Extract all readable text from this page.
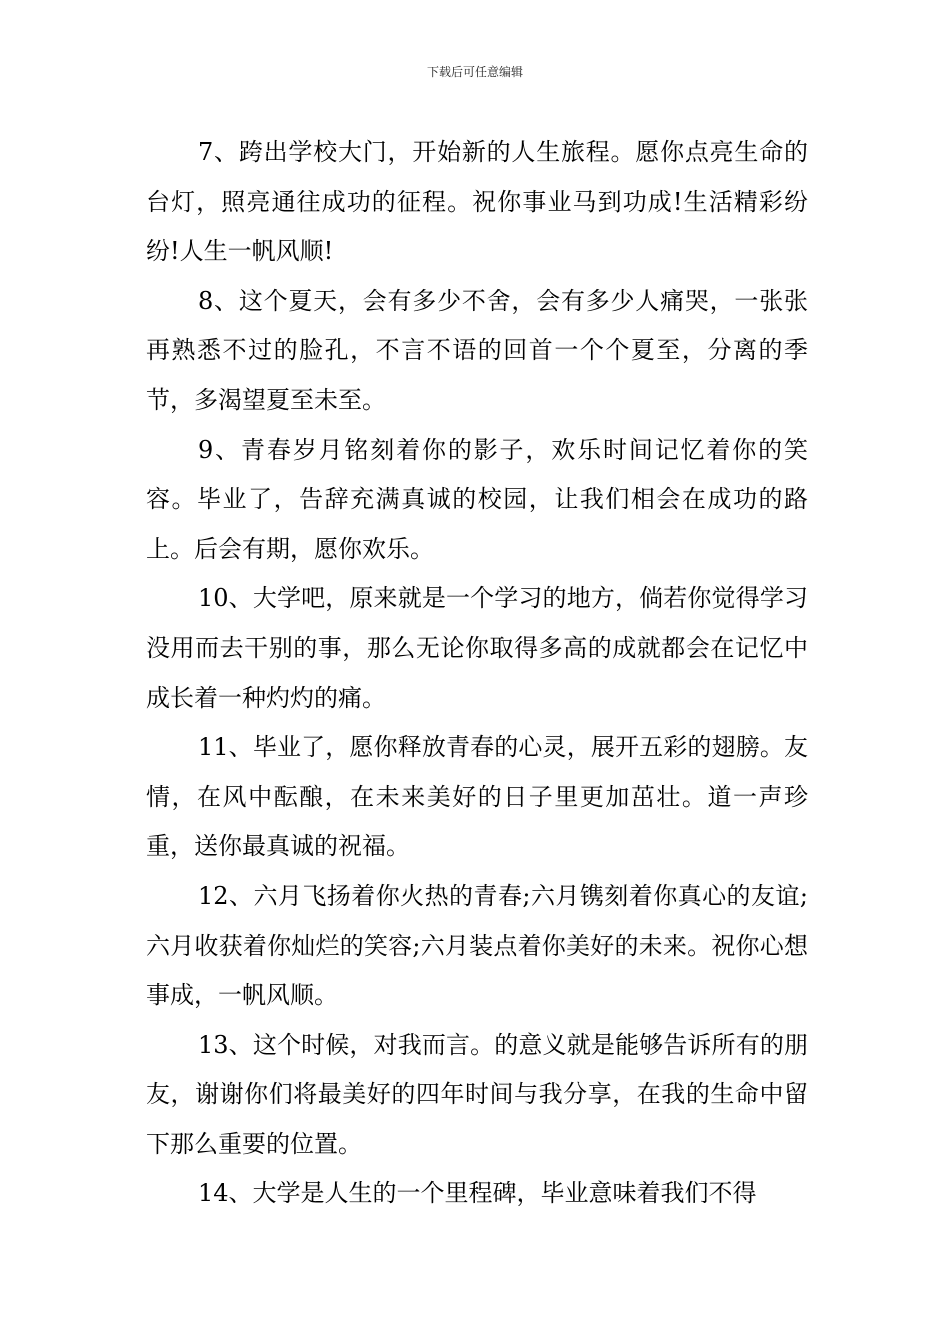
下载后可任意编辑

7、跨出学校大门，开始新的人生旅程。愿你点亮生命的台灯，照亮通往成功的征程。祝你事业马到功成!生活精彩纷纷!人生一帆风顺!

8、这个夏天，会有多少不舍，会有多少人痛哭，一张张再熟悉不过的脸孔，不言不语的回首一个个夏至，分离的季节，多渴望夏至未至。

9、青春岁月铭刻着你的影子，欢乐时间记忆着你的笑容。毕业了，告辞充满真诚的校园，让我们相会在成功的路上。后会有期，愿你欢乐。

10、大学吧，原来就是一个学习的地方，倘若你觉得学习没用而去干别的事，那么无论你取得多高的成就都会在记忆中成长着一种灼灼的痛。

11、毕业了，愿你释放青春的心灵，展开五彩的翅膀。友情，在风中酝酿，在未来美好的日子里更加茁壮。道一声珍重，送你最真诚的祝福。

12、六月飞扬着你火热的青春;六月镌刻着你真心的友谊;六月收获着你灿烂的笑容;六月装点着你美好的未来。祝你心想事成，一帆风顺。

13、这个时候，对我而言。的意义就是能够告诉所有的朋友，谢谢你们将最美好的四年时间与我分享，在我的生命中留下那么重要的位置。

14、大学是人生的一个里程碑，毕业意味着我们不得
